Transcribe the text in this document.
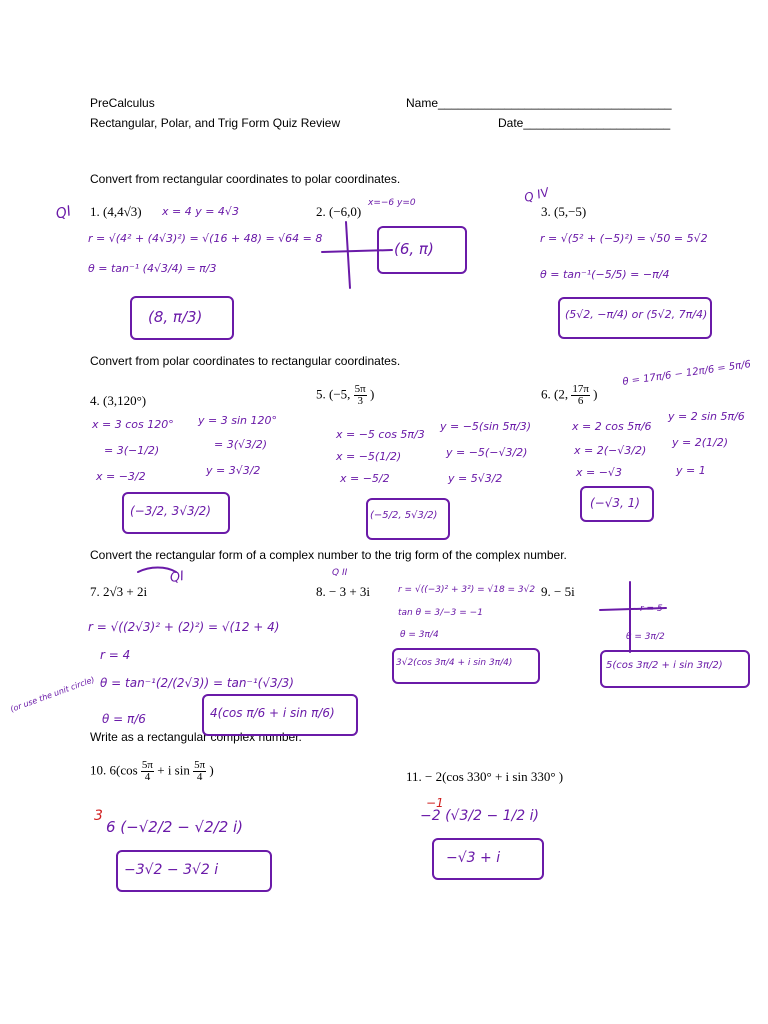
PreCalculus
Rectangular, Polar, and Trig Form Quiz Review
Name___________________________________
Date______________________
Convert from rectangular coordinates to polar coordinates.
Convert from polar coordinates to rectangular coordinates.
Convert the rectangular form of a complex number to the trig form of the complex number.
Write as a rectangular complex number.
1. (4,4√3)	2. (−6,0)	3. (5,−5)
4. (3,120°)	5. (−5, $\frac{5\pi}{3}$ )	6. (2, $\frac{17\pi}{6}$ )
7. 2√3 + 2i	8. − 3 + 3i	9. − 5i
10. $6(\cos \frac{5\pi}{4} + i$ $\sin \frac{5\pi}{4}$ )	11. − 2(cos 330° + i sin 330° )
QI	x = 4 y = 4√3
r = √(4² + (4√3)²) = √(16 + 48) = √64 = 8
θ = tan⁻¹ (4√3/4) = π/3
(8, π/3)
x=−6 y=0
(6, π)
Q IV
r = √(5² + (−5)²) = √50 = 5√2
θ = tan⁻¹(−5/5) = −π/4
(5√2, −π/4) or (5√2, 7π/4)
x = 3 cos 120°
= 3(−1/2)
x = −3/2
y = 3 sin 120°
= 3(√3/2)
y = 3√3/2
(−3/2, 3√3/2)
x = −5 cos 5π/3
x = −5(1/2)
x = −5/2
y = −5(sin 5π/3)
y = −5(−√3/2)
y = 5√3/2
(−5/2, 5√3/2)
θ = 17π/6 − 12π/6 = 5π/6
x = 2 cos 5π/6
x = 2(−√3/2)
x = −√3
y = 2 sin 5π/6
y = 2(1/2)
y = 1
(−√3, 1)
QI
r = √((2√3)² + (2)²) = √(12 + 4)
r = 4
θ = tan⁻¹(2/(2√3)) = tan⁻¹(√3/3)
θ = π/6
(or use the unit circle)	4(cos π/6 + i sin π/6)
Q II
r = √((−3)² + 3²) = √18 = 3√2
tan θ = 3/−3 = −1
θ = 3π/4
3√2(cos 3π/4 + i sin 3π/4)
r = 5
θ = 3π/2
5(cos 3π/2 + i sin 3π/2)
3
6 (−√2/2 − √2/2 i)
−3√2 − 3√2 i
−1
−2 (√3/2 − 1/2 i)
−√3 + i
